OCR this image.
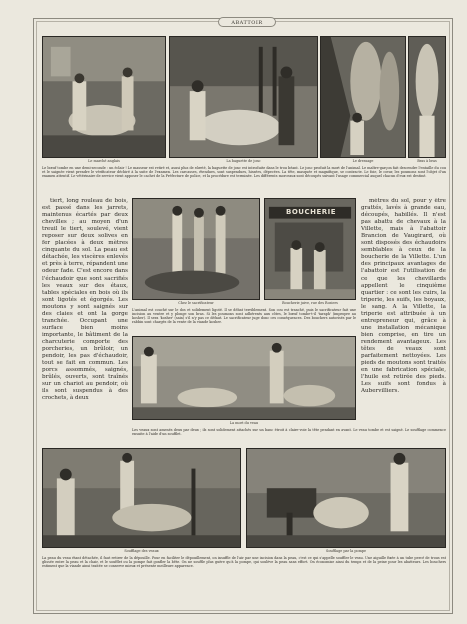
ABATTOIR
Le marché anglais	La baguette de jonc	Le dressage	Bras à bras
Le bœuf tombe en une demi-seconde : un éclair ! Le masseur est retiré et, aussi plus de sûreté, la baguette de jonc est introduite dans le trou béant. Le jonc produit la mort de l'animal. Le maître-garçon fait descendre l'entaille du cou et le saignée vient prendre le vérificateur déchiré à la suite de l'examen. Les carcasses, étendues, sont suspendues, hissées, dépecées. La tête, masquée et magnifique, se contracte. Le foie, le cœur, les poumons sont l'objet d'un examen attentif. Le vétérinaire de service vient apposer le cachet de la Préfecture de police, et la procédure est terminée. Les différents morceaux sont découpés suivant l'usage commercial auquel chacun d'eux est destiné.

tiert, long rouleau de bois, est passé dans les jarrets, maintenus écartés par deux chevilles ; au moyen d'un treuil le tiert, soulevé, vient reposer sur deux solives en fer placées à deux mètres cinquante du sol. La peau est détachée, les viscères enlevés et près à terre, répandent une odeur fade. C'est encore dans l'échaudoir que sont sacrifiés les veaux sur des étaux, tables spéciales en bois où ils sont ligotés et égorgés. Les moutons y sont saignés sur des claies et ont la gorge tranchée. Occupant une surface bien moins importante, le bâtiment de la charcuterie comporte des porcheries, un brûloir, un pendoir, les pas d'échaudoir, tout se fait en commun. Les porcs assommés, saignés, brûlés, ouverts, sont traînés sur un chariot au pendoir, où ils sont suspendus à des crochets, à deux

Chez le sacrificateur
BOUCHERIE
Boucherie juive, rue des Rosiers
L'animal est couché sur le dos et solidement ligoté. Il se débat terriblement. Son cou est tranché, puis le sacrificateur fait une incision au ventre et y plonge son bras. Si les poumons sont adhérents aux côtes, le bœuf tombe-t-il 'taraph' (impropre au kosher). Il sera 'kosher' (sain) s'il n'y pas ce défaut. Le sacrificateur juge donc ces conséquences. Des bouchers autorisés par le rabbin sont chargés de la vente de la viande kosher.

mètres du sol, pour y être grattés, lavés à grande eau, découpés, habillés. Il n'est pas abattu de chevaux à la Villette, mais à l'abattoir Brancion de Vaugirard, où sont disposés des échaudoirs semblables à ceux de la boucherie de la Villette. L'un des principaux avantages de l'abattoir est l'utilisation de ce que les chevillards appellent le cinquième quartier : ce sont les cuirs, la triperie, les suifs, les boyaux, le sang. A la Villette, la triperie est attribuée à un entrepreneur qui, grâce à une installation mécanique bien comprise, en tire un rendement avantageux. Les têtes de veaux sont parfaitement nettoyées. Les pieds de moutons sont traités en une fabrication spéciale, l'huile est retirée des pieds. Les suifs sont fondus à Aubervilliers.

La mort du veau
Les veaux sont amenés deux par deux ; ils sont solidement attachés sur un banc étroit à claire-voie la tête pendant en avant. Le veau tombe et est saigné. Le soufflage commence ensuite à l'aide d'un soufflet.
Soufflage des veaux	Soufflage par la pompe
La peau du veau étant détachée, il faut retirer de la dépouille. Pour en faciliter le dépouillement, on insuffle de l'air par une incision dans la peau, c'est ce qui s'appelle souffler le veau. Une aiguille fixée à un tube percé de trous est glissée entre la peau et la chair, et le soufflet ou la pompe fait gonfler la bête. On ne souffle plus guère qu'à la pompe, qui soulève la peau sans effort. On économise ainsi du temps et de la peine pour les abatteurs. Les bouchers estiment que la viande ainsi traitée se conserve mieux et présente meilleure apparence.
